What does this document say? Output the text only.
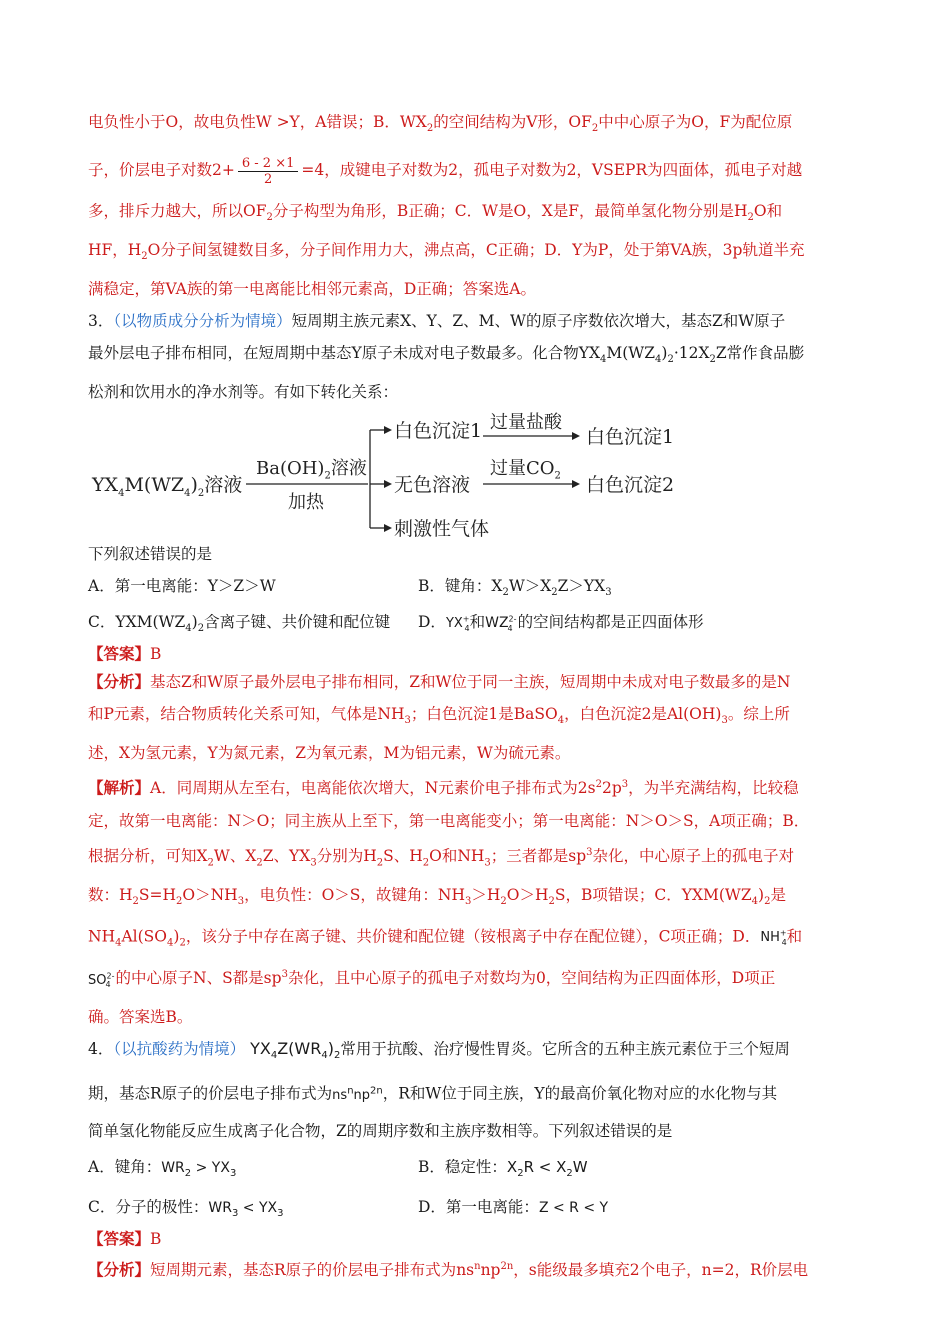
电负性小于O，故电负性W >Y，A错误；B．$WX_2$的空间结构为V形，$OF_2$中中心原子为O，F为配位原
子，价层电子对数$2+ \frac{6 - 2 \times 1}{2} =4$，成键电子对数为2，孤电子对数为2，VSEPR为四面体，孤电子对越
多，排斥力越大，所以$OF_2$分子构型为角形，B正确；C．W是O，X是F，最简单氢化物分别是$H_2O$和
HF，$H_2O$分子间氢键数目多，分子间作用力大，沸点高，C正确；D．Y为P，处于第VA族，3p轨道半充
满稳定，第VA族的第一电离能比相邻元素高，D正确；答案选A。
3．（以物质成分分析为情境）短周期主族元素X、Y、Z、M、W的原子序数依次增大，基态Z和W原子
最外层电子排布相同，在短周期中基态Y原子未成对电子数最多。化合物$YX_4M(WZ_4)_2\cdot 12X_2Z$常作食品膨
松剂和饮用水的净水剂等。有如下转化关系：
$YX_4M(WZ_4)_2$溶液
$Ba(OH)_2$溶液
加热
白色沉淀1
无色溶液
刺激性气体
过量盐酸
过量$CO_2$
白色沉淀1
白色沉淀2
下列叙述错误的是
A．第一电离能：Y＞Z＞W	B．键角：$X_2W>X_2Z>YX_3$
C．$YXM(WZ_4)_2$含离子键、共价键和配位键 D．$YX^+_4$和$WZ^{2-}_4$ 的空间结构都是正四面体形
【答案】B
【分析】基态Z和W原子最外层电子排布相同，Z和W位于同一主族，短周期中未成对电子数最多的是N
和P元素，结合物质转化关系可知，气体是$NH_3$；白色沉淀1是BaSO$_4$，白色沉淀2是$Al(OH)_3$。综上所
述，X为氢元素，Y为氮元素，Z为氧元素，M为铝元素，W为硫元素。
【解析】A．同周期从左至右，电离能依次增大，N元素价电子排布式为$2s^22p^3$，为半充满结构，比较稳
定，故第一电离能：N＞O；同主族从上至下，第一电离能变小；第一电离能：N＞O＞S，A项正确；B．
根据分析，可知$X_2W$、$X_2Z$、$YX_3$分别为$H_2S$、$H_2O$和$NH_3$；三者都是$sp^3$杂化，中心原子上的孤电子对
数：$H_2S=H_2O>NH_3$，电负性：O＞S，故键角：$NH_3>H_2O>H_2S$，B项错误；C．$YXM(WZ_4)_2$是
$NH_4Al(SO_4)_2$，该分子中存在离子键、共价键和配位键（铵根离子中存在配位键），C项正确；D．$NH^+_4$和
$SO^{2-}_4$ 的中心原子N、S都是$sp^3$杂化，且中心原子的孤电子对数均为0，空间结构为正四面体形，D项正
确。答案选B。
4．（以抗酸药为情境） $YX_4Z(WR_4)_2$常用于抗酸、治疗慢性胃炎。它所含的五种主族元素位于三个短周
期，基态R原子的价层电子排布式为$ns^nnp^{2n}$，R和W位于同主族，Y的最高价氧化物对应的水化物与其
简单氢化物能反应生成离子化合物，Z的周期序数和主族序数相等。下列叙述错误的是
A．键角：$WR_2 > YX_3$	B．稳定性：$X_2R < X_2W$
C．分子的极性：$WR_3 < YX_3$	D．第一电离能：Z < R < Y
【答案】B
【分析】短周期元素，基态R原子的价层电子排布式为$ns^nnp^{2n}$，s能级最多填充2个电子，n=2，R价层电
